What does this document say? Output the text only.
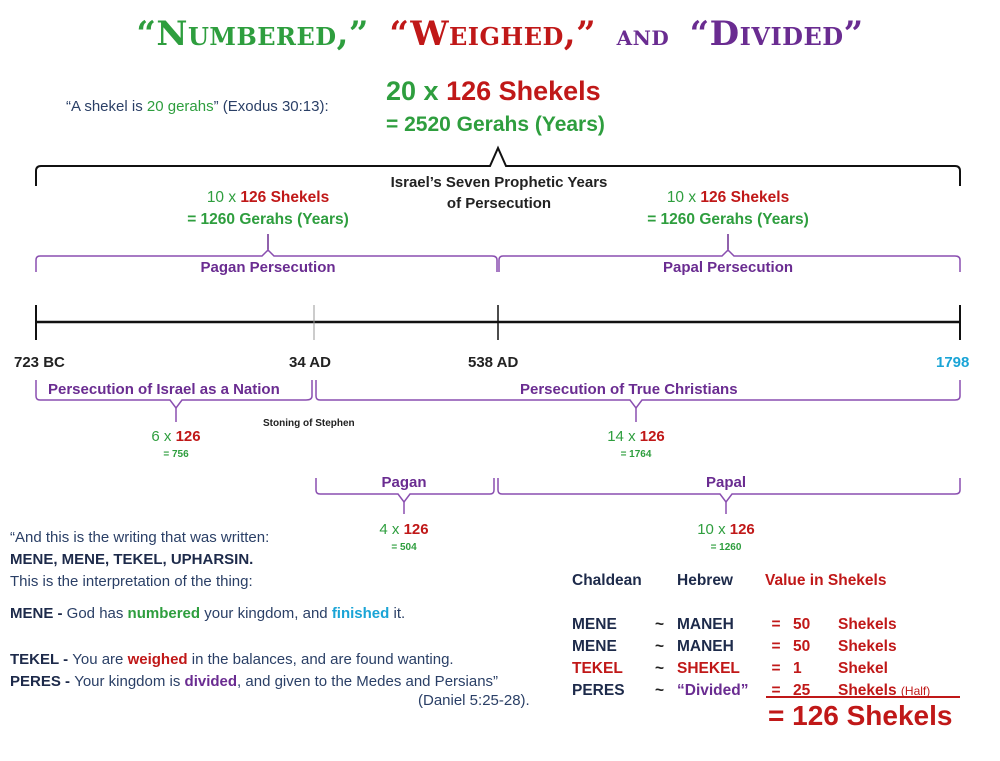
“Numbered,” “Weighed,” and “Divided”
“A shekel is 20 gerahs” (Exodus 30:13):
20 x 126 Shekels
= 2520 Gerahs (Years)
Israel’s Seven Prophetic Years
of Persecution
10 x 126 Shekels
= 1260 Gerahs (Years)
Pagan Persecution
10 x 126 Shekels
= 1260 Gerahs (Years)
Papal Persecution
723 BC	34 AD	538 AD	1798
Persecution of Israel as a Nation
6 x 126
= 756
Stoning of Stephen
Persecution of True Christians
14 x 126
= 1764
Pagan
4 x 126
= 504
Papal
10 x 126
= 1260
“And this is the writing that was written:
MENE, MENE, TEKEL, UPHARSIN.
This is the interpretation of the thing:
MENE - God has numbered your kingdom, and finished it.
TEKEL - You are weighed in the balances, and are found wanting.
PERES - Your kingdom is divided, and given to the Medes and Persians”
(Daniel 5:25-28).
Chaldean		Hebrew	Value in Shekels		

MENE	~	MANEH	=	50	Shekels
MENE	~	MANEH	=	50	Shekels
TEKEL	~	SHEKEL	=	1	Shekel
PERES	~	“Divided”	=	25	Shekels (Half)
= 126 Shekels
